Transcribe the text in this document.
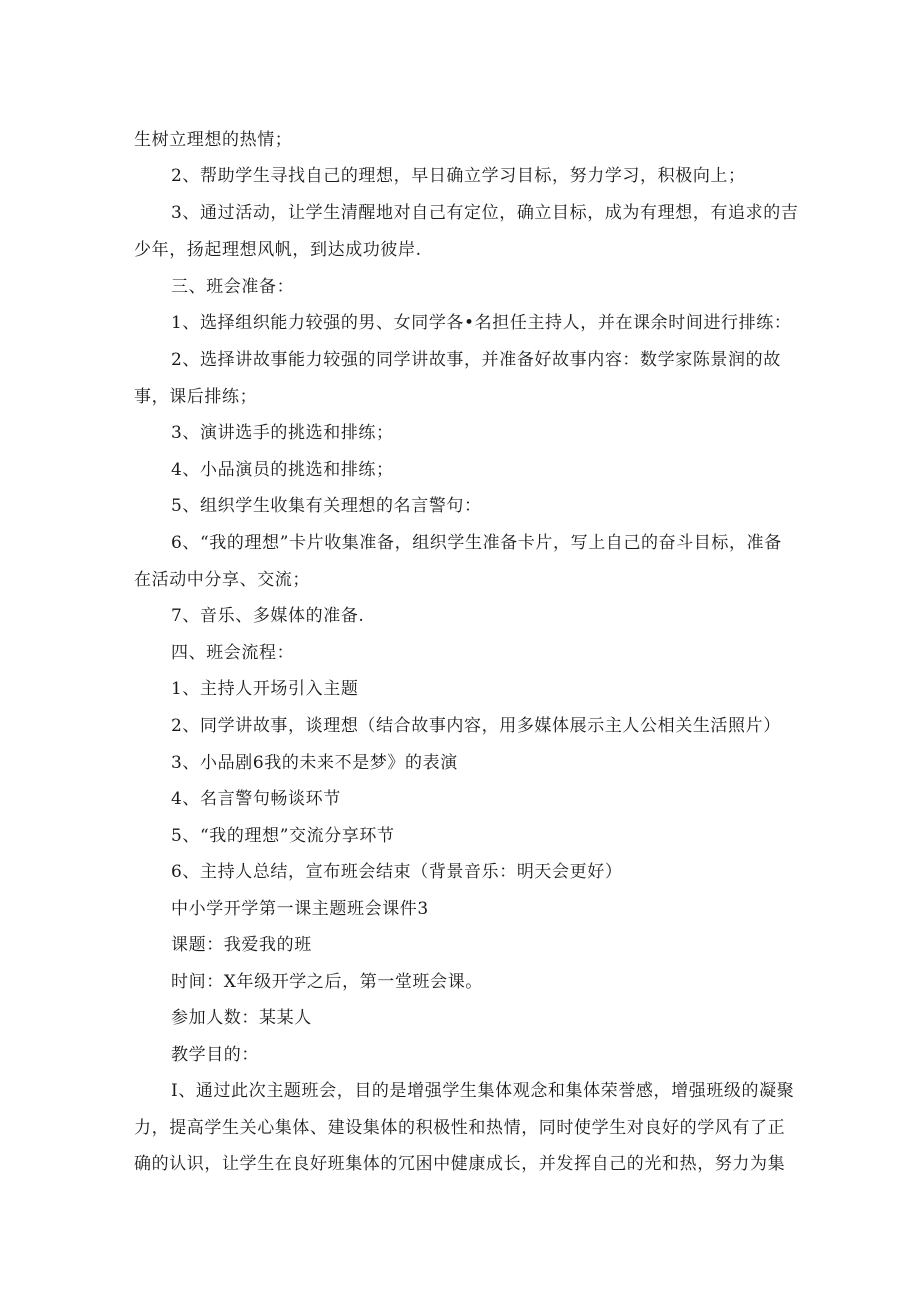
生树立理想的热情；
2、帮助学生寻找自己的理想，早日确立学习目标，努力学习，积极向上；
3、通过活动，让学生清醒地对自己有定位，确立目标，成为有理想，有追求的吉
少年，扬起理想风帆，到达成功彼岸.
三、班会准备：
1、选择组织能力较强的男、女同学各•名担任主持人，并在课余时间进行排练：
2、选择讲故事能力较强的同学讲故事，并准备好故事内容：数学家陈景润的故
事，课后排练；
3、演讲选手的挑选和排练；
4、小品演员的挑选和排练；
5、组织学生收集有关理想的名言警句：
6、“我的理想”卡片收集准备，组织学生准备卡片，写上自己的奋斗目标，准备
在活动中分享、交流；
7、音乐、多媒体的准备.
四、班会流程：
1、主持人开场引入主题
2、同学讲故事，谈理想（结合故事内容，用多媒体展示主人公相关生活照片）
3、小品剧6我的未来不是梦》的表演
4、名言警句畅谈环节
5、“我的理想”交流分享环节
6、主持人总结，宣布班会结束（背景音乐：明天会更好）
中小学开学第一课主题班会课件3
课题：我爱我的班
时间：X年级开学之后，第一堂班会课。
参加人数：某某人
教学目的：
I、通过此次主题班会，目的是增强学生集体观念和集体荣誉感，增强班级的凝聚
力，提高学生关心集体、建设集体的积极性和热情，同时使学生对良好的学风有了正
确的认识，让学生在良好班集体的冗困中健康成长，并发挥自己的光和热，努力为集
